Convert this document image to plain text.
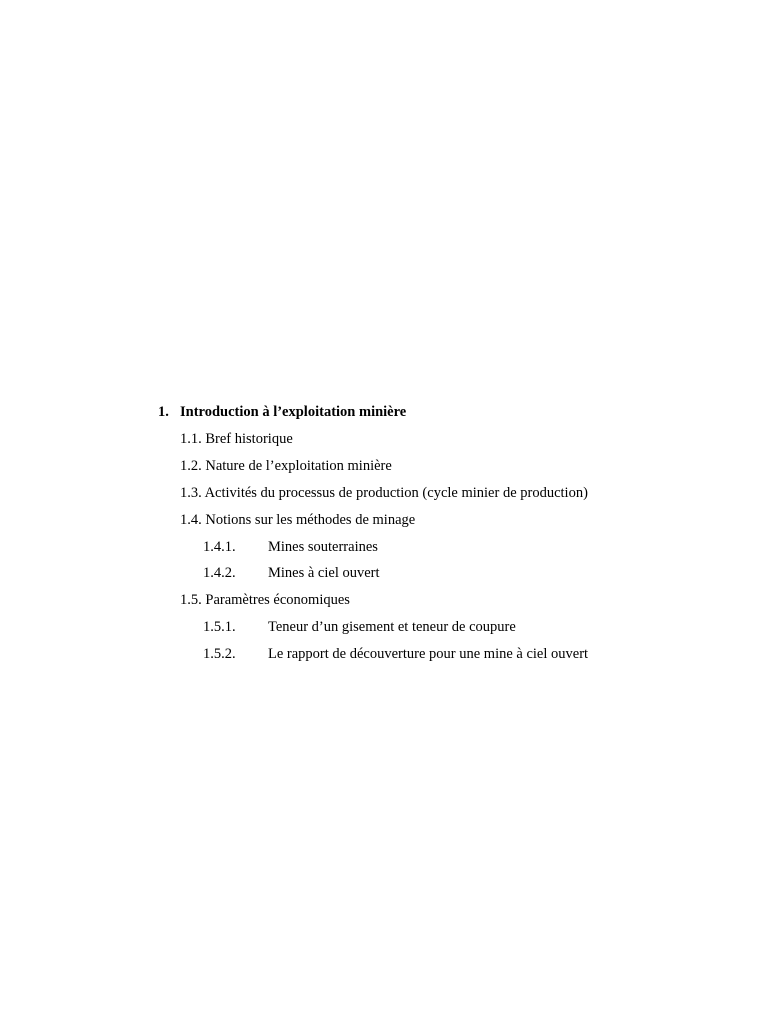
1. Introduction à l’exploitation minière
1.1. Bref historique
1.2. Nature de l’exploitation minière
1.3. Activités du processus de production (cycle minier de production)
1.4. Notions sur les méthodes de minage
1.4.1. Mines souterraines
1.4.2. Mines à ciel ouvert
1.5. Paramètres économiques
1.5.1. Teneur d’un gisement et teneur de coupure
1.5.2. Le rapport de découverture pour une mine à ciel ouvert
